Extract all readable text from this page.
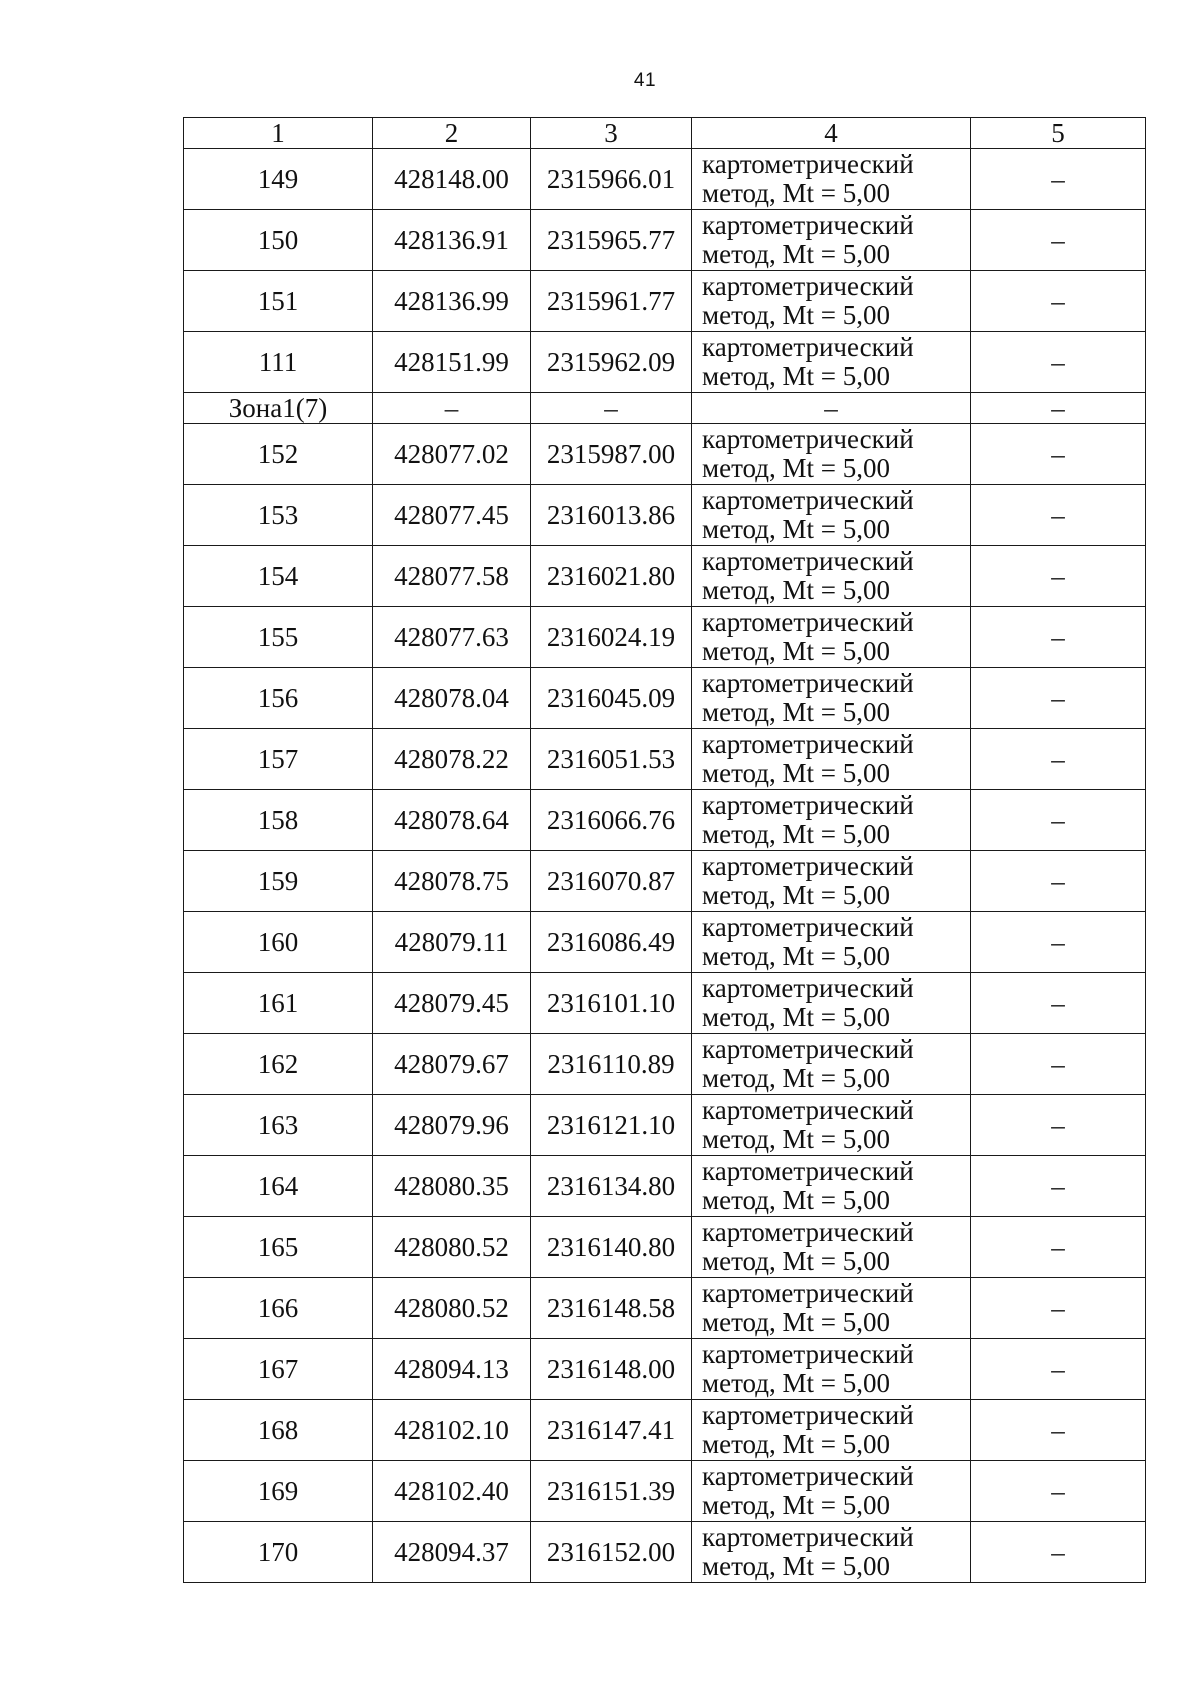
41
1	2	3	4	5
149	428148.00	2315966.01	картометрический
метод, Mt = 5,00	–
150	428136.91	2315965.77	картометрический
метод, Mt = 5,00	–
151	428136.99	2315961.77	картометрический
метод, Mt = 5,00	–
111	428151.99	2315962.09	картометрический
метод, Mt = 5,00	–
Зона1(7)	–	–	–	–
152	428077.02	2315987.00	картометрический
метод, Mt = 5,00	–
153	428077.45	2316013.86	картометрический
метод, Mt = 5,00	–
154	428077.58	2316021.80	картометрический
метод, Mt = 5,00	–
155	428077.63	2316024.19	картометрический
метод, Mt = 5,00	–
156	428078.04	2316045.09	картометрический
метод, Mt = 5,00	–
157	428078.22	2316051.53	картометрический
метод, Mt = 5,00	–
158	428078.64	2316066.76	картометрический
метод, Mt = 5,00	–
159	428078.75	2316070.87	картометрический
метод, Mt = 5,00	–
160	428079.11	2316086.49	картометрический
метод, Mt = 5,00	–
161	428079.45	2316101.10	картометрический
метод, Mt = 5,00	–
162	428079.67	2316110.89	картометрический
метод, Mt = 5,00	–
163	428079.96	2316121.10	картометрический
метод, Mt = 5,00	–
164	428080.35	2316134.80	картометрический
метод, Mt = 5,00	–
165	428080.52	2316140.80	картометрический
метод, Mt = 5,00	–
166	428080.52	2316148.58	картометрический
метод, Mt = 5,00	–
167	428094.13	2316148.00	картометрический
метод, Mt = 5,00	–
168	428102.10	2316147.41	картометрический
метод, Mt = 5,00	–
169	428102.40	2316151.39	картометрический
метод, Mt = 5,00	–
170	428094.37	2316152.00	картометрический
метод, Mt = 5,00	–
